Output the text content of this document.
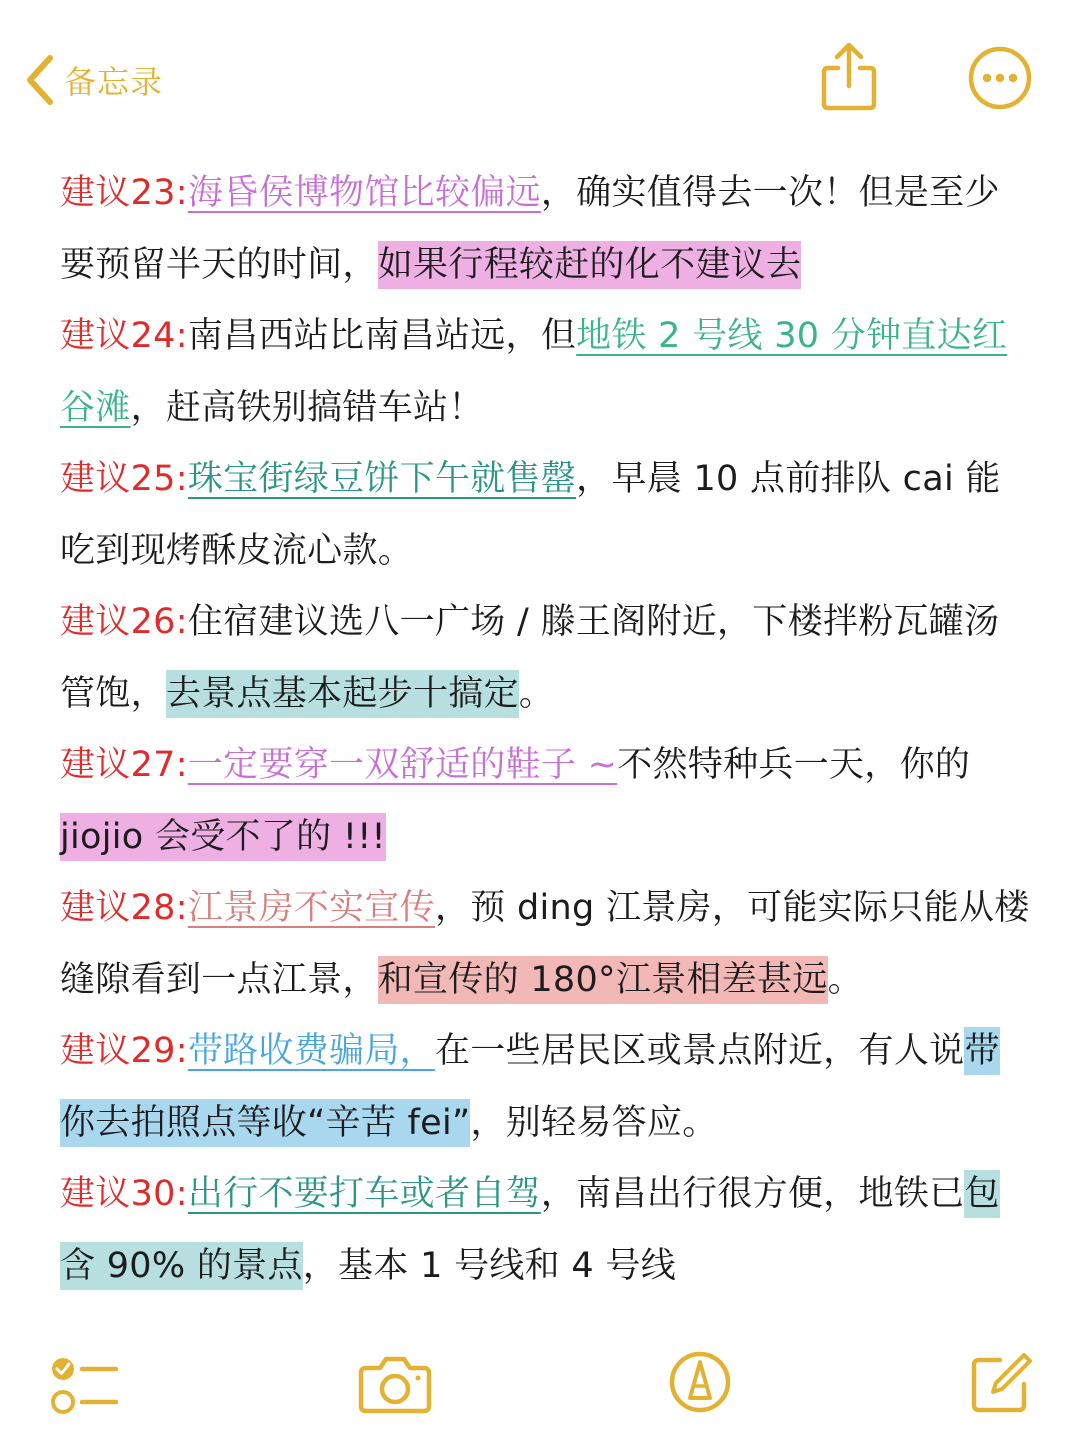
备忘录
建议23:海昏侯博物馆比较偏远，确实值得去一次！但是至少要预留半天的时间，如果行程较赶的化不建议去
建议24:南昌西站比南昌站远，但地铁 2 号线 30 分钟直达红谷滩，赶高铁别搞错车站！
建议25:珠宝街绿豆饼下午就售罄，早晨 10 点前排队 cai 能吃到现烤酥皮流心款。
建议26:住宿建议选八一广场 / 滕王阁附近，下楼拌粉瓦罐汤管饱，去景点基本起步十搞定。
建议27:一定要穿一双舒适的鞋子 ~不然特种兵一天，你的jiojio 会受不了的 !!!
建议28:江景房不实宣传，预 ding 江景房，可能实际只能从楼缝隙看到一点江景，和宣传的 180°江景相差甚远。
建议29:带路收费骗局，在一些居民区或景点附近，有人说带你去拍照点等收“辛苦 fei”，别轻易答应。
建议30:出行不要打车或者自驾，南昌出行很方便，地铁已包含 90% 的景点，基本 1 号线和 4 号线
